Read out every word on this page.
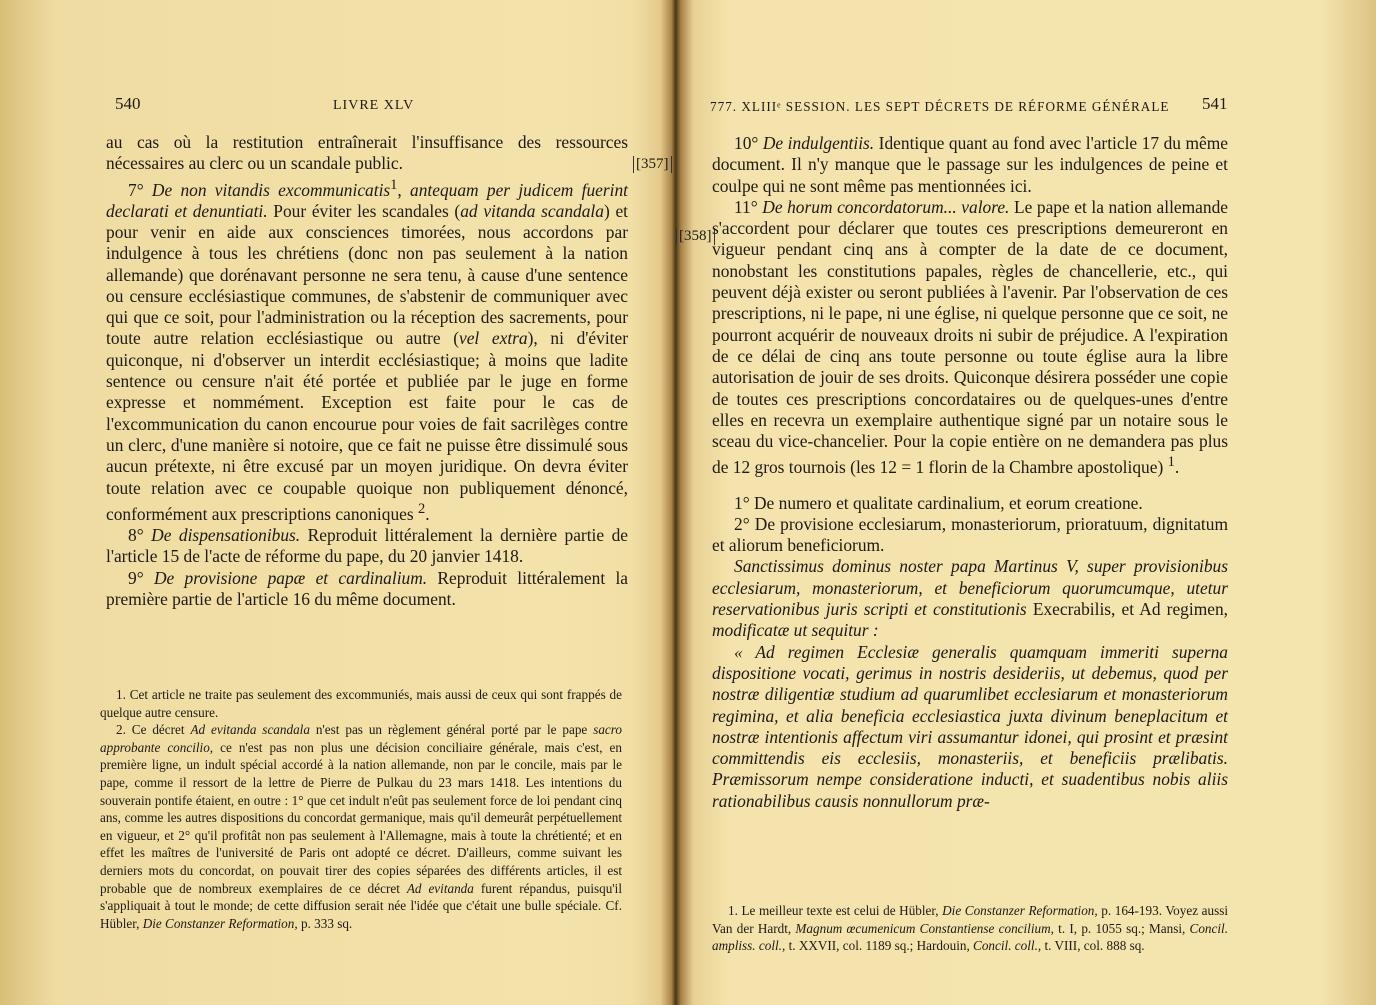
540	LIVRE XLV
[357]

au cas où la restitution entraînerait l'insuffisance des ressources nécessaires au clerc ou un scandale public.

7° De non vitandis excommunicatis$^1$, antequam per judicem fuerint declarati et denuntiati. Pour éviter les scandales (ad vitanda scandala) et pour venir en aide aux consciences timorées, nous accordons par indulgence à tous les chrétiens (donc non pas seulement à la nation allemande) que dorénavant personne ne sera tenu, à cause d'une sentence ou censure ecclésiastique communes, de s'abstenir de communiquer avec qui que ce soit, pour l'administration ou la réception des sacrements, pour toute autre relation ecclésiastique ou autre (vel extra), ni d'éviter quiconque, ni d'observer un interdit ecclésiastique; à moins que ladite sentence ou censure n'ait été portée et publiée par le juge en forme expresse et nommément. Exception est faite pour le cas de l'excommunication du canon encourue pour voies de fait sacrilèges contre un clerc, d'une manière si notoire, que ce fait ne puisse être dissimulé sous aucun prétexte, ni être excusé par un moyen juridique. On devra éviter toute relation avec ce coupable quoique non publiquement dénoncé, conformément aux prescriptions canoniques $^2$.

8° De dispensationibus. Reproduit littéralement la dernière partie de l'article 15 de l'acte de réforme du pape, du 20 janvier 1418.

9° De provisione papæ et cardinalium. Reproduit littéralement la première partie de l'article 16 du même document.

1. Cet article ne traite pas seulement des excommuniés, mais aussi de ceux qui sont frappés de quelque autre censure.

2. Ce décret Ad evitanda scandala n'est pas un règlement général porté par le pape sacro approbante concilio, ce n'est pas non plus une décision conciliaire générale, mais c'est, en première ligne, un indult spécial accordé à la nation allemande, non par le concile, mais par le pape, comme il ressort de la lettre de Pierre de Pulkau du 23 mars 1418. Les intentions du souverain pontife étaient, en outre : 1° que cet indult n'eût pas seulement force de loi pendant cinq ans, comme les autres dispositions du concordat germanique, mais qu'il demeurât perpétuellement en vigueur, et 2° qu'il profitât non pas seulement à l'Allemagne, mais à toute la chrétienté; et en effet les maîtres de l'université de Paris ont adopté ce décret. D'ailleurs, comme suivant les derniers mots du concordat, on pouvait tirer des copies séparées des différents articles, il est probable que de nombreux exemplaires de ce décret Ad evitanda furent répandus, puisqu'il s'appliquait à tout le monde; de cette diffusion serait née l'idée que c'était une bulle spéciale. Cf. Hübler, Die Constanzer Reformation, p. 333 sq.

777. XLIIIᵉ SESSION. LES SEPT DÉCRETS DE RÉFORME GÉNÉRALE 541
[358]

10° De indulgentiis. Identique quant au fond avec l'article 17 du même document. Il n'y manque que le passage sur les indulgences de peine et coulpe qui ne sont même pas mentionnées ici.

11° De horum concordatorum... valore. Le pape et la nation allemande s'accordent pour déclarer que toutes ces prescriptions demeureront en vigueur pendant cinq ans à compter de la date de ce document, nonobstant les constitutions papales, règles de chancellerie, etc., qui peuvent déjà exister ou seront publiées à l'avenir. Par l'observation de ces prescriptions, ni le pape, ni une église, ni quelque personne que ce soit, ne pourront acquérir de nouveaux droits ni subir de préjudice. A l'expiration de ce délai de cinq ans toute personne ou toute église aura la libre autorisation de jouir de ses droits. Quiconque désirera posséder une copie de toutes ces prescriptions concordataires ou de quelques-unes d'entre elles en recevra un exemplaire authentique signé par un notaire sous le sceau du vice-chancelier. Pour la copie entière on ne demandera pas plus de 12 gros tournois (les 12 = 1 florin de la Chambre apostolique) $^1$.

1° De numero et qualitate cardinalium, et eorum creatione.

2° De provisione ecclesiarum, monasteriorum, prioratuum, dignitatum et aliorum beneficiorum.

Sanctissimus dominus noster papa Martinus V, super provisionibus ecclesiarum, monasteriorum, et beneficiorum quorumcumque, utetur reservationibus juris scripti et constitutionis Execrabilis, et Ad regimen, modificatæ ut sequitur :

« Ad regimen Ecclesiæ generalis quamquam immeriti superna dispositione vocati, gerimus in nostris desideriis, ut debemus, quod per nostræ diligentiæ studium ad quarumlibet ecclesiarum et monasteriorum regimina, et alia beneficia ecclesiastica juxta divinum beneplacitum et nostræ intentionis affectum viri assumantur idonei, qui prosint et præsint committendis eis ecclesiis, monasteriis, et beneficiis prælibatis. Præmissorum nempe consideratione inducti, et suadentibus nobis aliis rationabilibus causis nonnullorum præ-

1. Le meilleur texte est celui de Hübler, Die Constanzer Reformation, p. 164-193. Voyez aussi Van der Hardt, Magnum œcumenicum Constantiense concilium, t. I, p. 1055 sq.; Mansi, Concil. ampliss. coll., t. XXVII, col. 1189 sq.; Hardouin, Concil. coll., t. VIII, col. 888 sq.
